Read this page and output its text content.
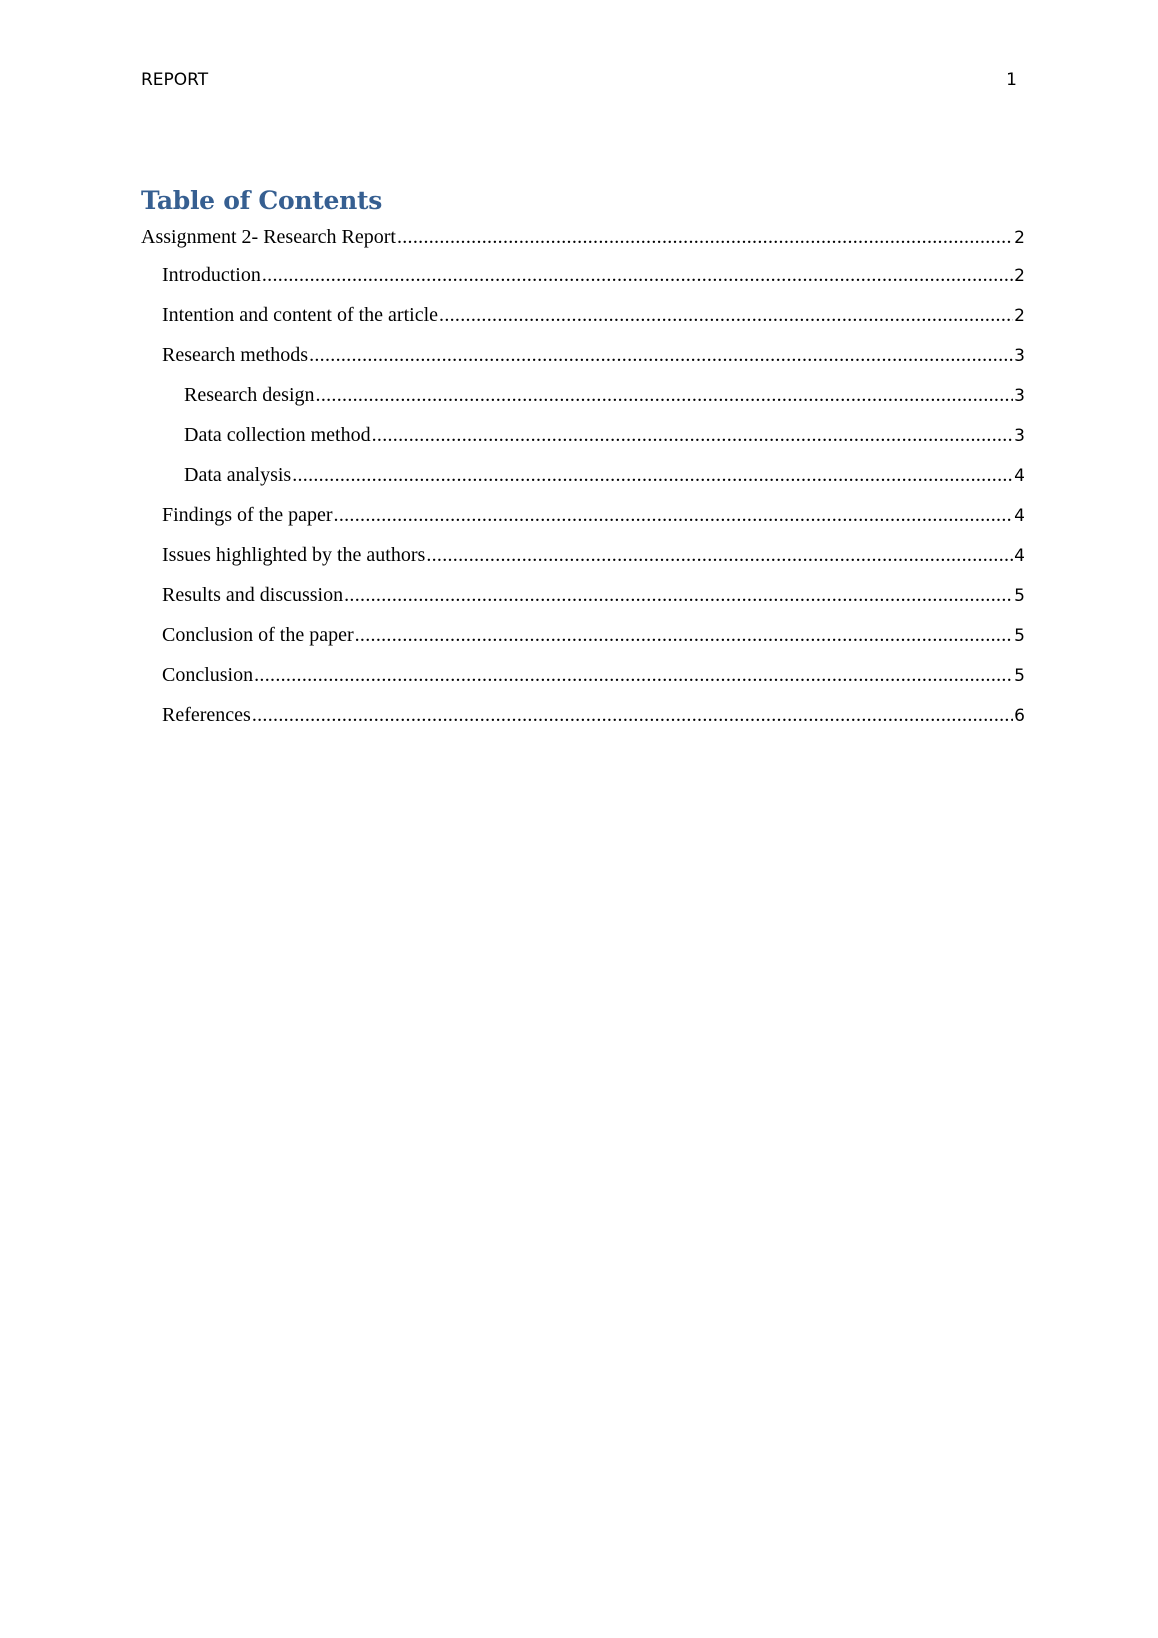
REPORT	1
Table of Contents
Assignment 2- Research Report .....	2
Introduction .....	2
Intention and content of the article .....	2
Research methods .....	3
Research design .....	3
Data collection method .....	3
Data analysis .....	4
Findings of the paper .....	4
Issues highlighted by the authors .....	4
Results and discussion .....	5
Conclusion of the paper .....	5
Conclusion .....	5
References .....	6
